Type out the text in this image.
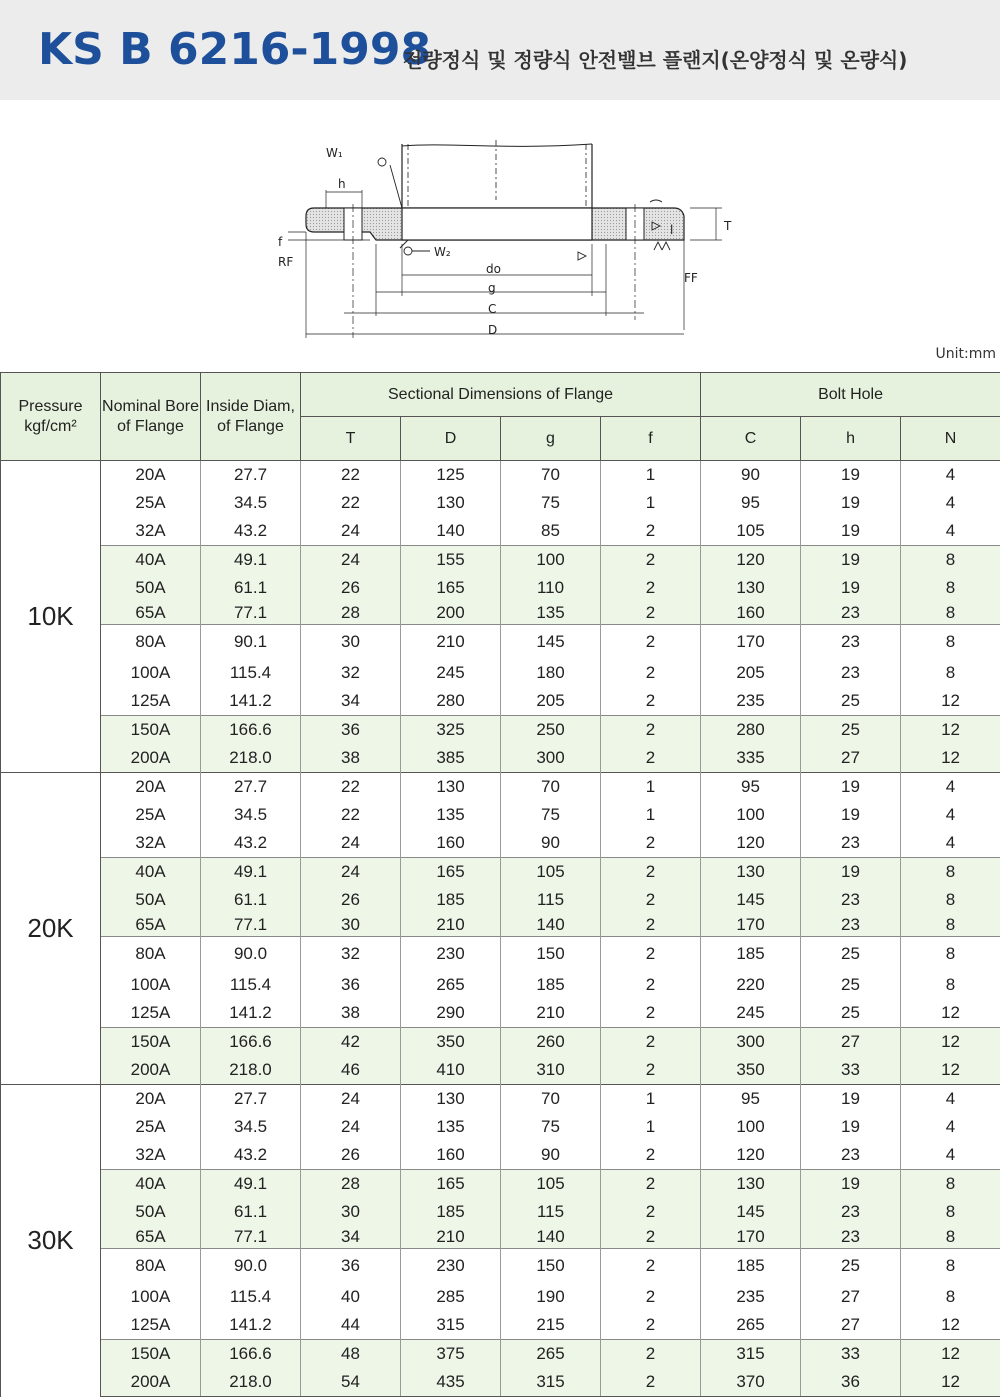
KS B 6216-1998
전량정식 및 정량식 안전밸브 플랜지(온양정식 및 온량식)
W₁
W₂
h
f
RF
FF
T
l
do
g
C
D
Unit:mm
Pressure
kgf/cm²	Nominal Bore of Flange	Inside Diam, of Flange	Sectional Dimensions of Flange				Bolt Hole		
			T	D	g	f	C	h	N
10K	20A	27.7	22	125	70	1	90	19	4
	25A	34.5	22	130	75	1	95	19	4
	32A	43.2	24	140	85	2	105	19	4
	40A	49.1	24	155	100	2	120	19	8
	50A	61.1	26	165	110	2	130	19	8
	65A	77.1	28	200	135	2	160	23	8
	80A	90.1	30	210	145	2	170	23	8
	100A	115.4	32	245	180	2	205	23	8
	125A	141.2	34	280	205	2	235	25	12
	150A	166.6	36	325	250	2	280	25	12
	200A	218.0	38	385	300	2	335	27	12
20K	20A	27.7	22	130	70	1	95	19	4
	25A	34.5	22	135	75	1	100	19	4
	32A	43.2	24	160	90	2	120	23	4
	40A	49.1	24	165	105	2	130	19	8
	50A	61.1	26	185	115	2	145	23	8
	65A	77.1	30	210	140	2	170	23	8
	80A	90.0	32	230	150	2	185	25	8
	100A	115.4	36	265	185	2	220	25	8
	125A	141.2	38	290	210	2	245	25	12
	150A	166.6	42	350	260	2	300	27	12
	200A	218.0	46	410	310	2	350	33	12
30K	20A	27.7	24	130	70	1	95	19	4
	25A	34.5	24	135	75	1	100	19	4
	32A	43.2	26	160	90	2	120	23	4
	40A	49.1	28	165	105	2	130	19	8
	50A	61.1	30	185	115	2	145	23	8
	65A	77.1	34	210	140	2	170	23	8
	80A	90.0	36	230	150	2	185	25	8
	100A	115.4	40	285	190	2	235	27	8
	125A	141.2	44	315	215	2	265	27	12
	150A	166.6	48	375	265	2	315	33	12
	200A	218.0	54	435	315	2	370	36	12
